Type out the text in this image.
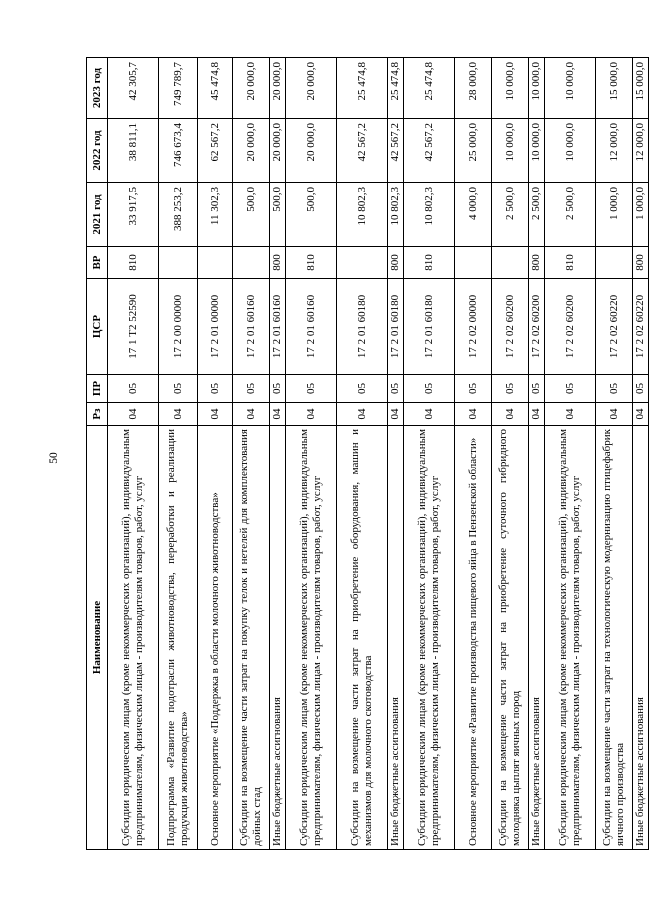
50
Наименование	Рз	ПР	ЦСР	ВР	2021 год	2022 год	2023 год
Субсидии юридическим лицам (кроме некоммерческих организаций), индивидуальным предпринимателям, физическим лицам - производителям товаров, работ, услуг	04	05	17 1 Т2 52590	810	33 917,5	38 811,1	42 305,7
Подпрограмма «Развитие подотрасли животноводства, переработки и реализации продукции животноводства»	04	05	17 2 00 00000		388 253,2	746 673,4	749 789,7
Основное мероприятие «Поддержка в области молочного животноводства»	04	05	17 2 01 00000		11 302,3	62 567,2	45 474,8
Субсидии на возмещение части затрат на покупку телок и нетелей для комплектования дойных стад	04	05	17 2 01 60160		500,0	20 000,0	20 000,0
Иные бюджетные ассигнования	04	05	17 2 01 60160	800	500,0	20 000,0	20 000,0
Субсидии юридическим лицам (кроме некоммерческих организаций), индивидуальным предпринимателям, физическим лицам - производителям товаров, работ, услуг	04	05	17 2 01 60160	810	500,0	20 000,0	20 000,0
Субсидии на возмещение части затрат на приобретение оборудования, машин и механизмов для молочного скотоводства	04	05	17 2 01 60180		10 802,3	42 567,2	25 474,8
Иные бюджетные ассигнования	04	05	17 2 01 60180	800	10 802,3	42 567,2	25 474,8
Субсидии юридическим лицам (кроме некоммерческих организаций), индивидуальным предпринимателям, физическим лицам - производителям товаров, работ, услуг	04	05	17 2 01 60180	810	10 802,3	42 567,2	25 474,8
Основное мероприятие «Развитие производства пищевого яйца в Пензенской области»	04	05	17 2 02 00000		4 000,0	25 000,0	28 000,0
Субсидии на возмещение части затрат на приобретение суточного гибридного молодняка цыплят яичных пород	04	05	17 2 02 60200		2 500,0	10 000,0	10 000,0
Иные бюджетные ассигнования	04	05	17 2 02 60200	800	2 500,0	10 000,0	10 000,0
Субсидии юридическим лицам (кроме некоммерческих организаций), индивидуальным предпринимателям, физическим лицам - производителям товаров, работ, услуг	04	05	17 2 02 60200	810	2 500,0	10 000,0	10 000,0
Субсидии на возмещение части затрат на технологическую модернизацию птицефабрик яичного производства	04	05	17 2 02 60220		1 000,0	12 000,0	15 000,0
Иные бюджетные ассигнования	04	05	17 2 02 60220	800	1 000,0	12 000,0	15 000,0
